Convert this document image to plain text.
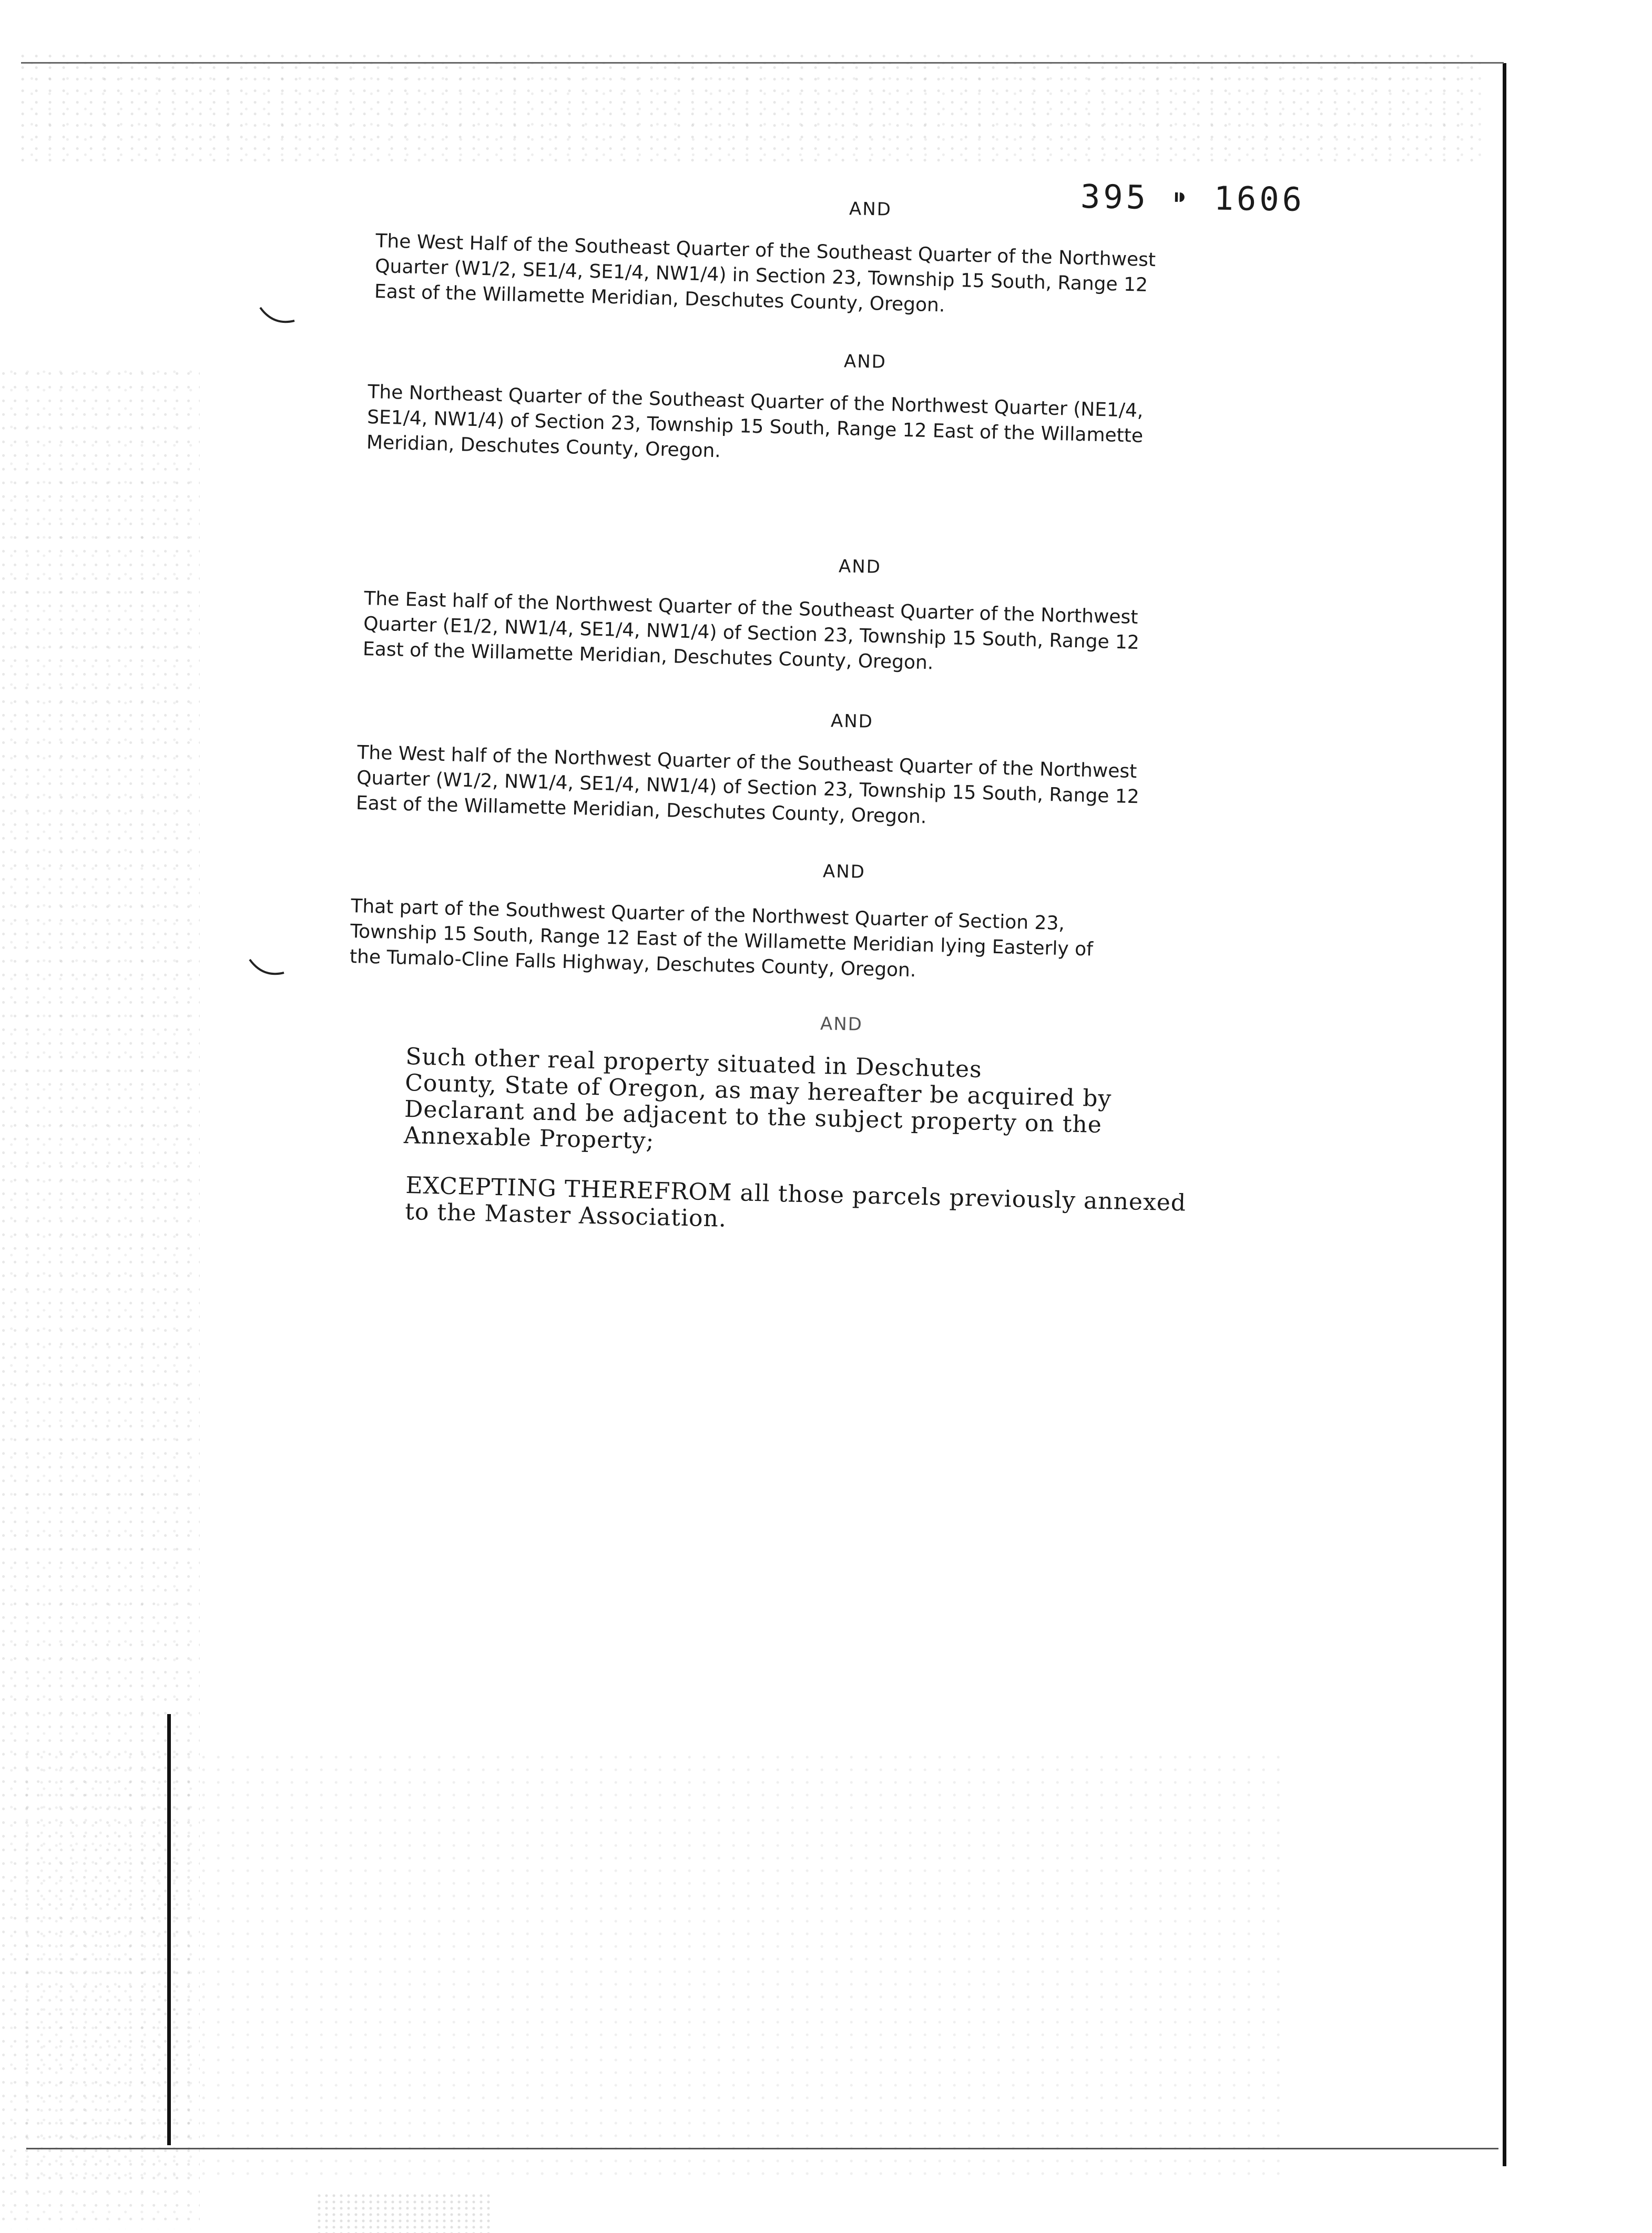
395 ⁍ 1606
AND

The West Half of the Southeast Quarter of the Southeast Quarter of the Northwest
Quarter (W1/2, SE1/4, SE1/4, NW1/4) in Section 23, Township 15 South, Range 12
East of the Willamette Meridian, Deschutes County, Oregon.

AND

The Northeast Quarter of the Southeast Quarter of the Northwest Quarter (NE1/4,
SE1/4, NW1/4) of Section 23, Township 15 South, Range 12 East of the Willamette
Meridian, Deschutes County, Oregon.

AND

The East half of the Northwest Quarter of the Southeast Quarter of the Northwest
Quarter (E1/2, NW1/4, SE1/4, NW1/4) of Section 23, Township 15 South, Range 12
East of the Willamette Meridian, Deschutes County, Oregon.

AND

The West half of the Northwest Quarter of the Southeast Quarter of the Northwest
Quarter (W1/2, NW1/4, SE1/4, NW1/4) of Section 23, Township 15 South, Range 12
East of the Willamette Meridian, Deschutes County, Oregon.

AND

That part of the Southwest Quarter of the Northwest Quarter of Section 23,
Township 15 South, Range 12 East of the Willamette Meridian lying Easterly of
the Tumalo-Cline Falls Highway, Deschutes County, Oregon.

AND

Such other real property situated in Deschutes
County, State of Oregon, as may hereafter be acquired by
Declarant and be adjacent to the subject property on the
Annexable Property;

EXCEPTING THEREFROM all those parcels previously annexed
to the Master Association.
